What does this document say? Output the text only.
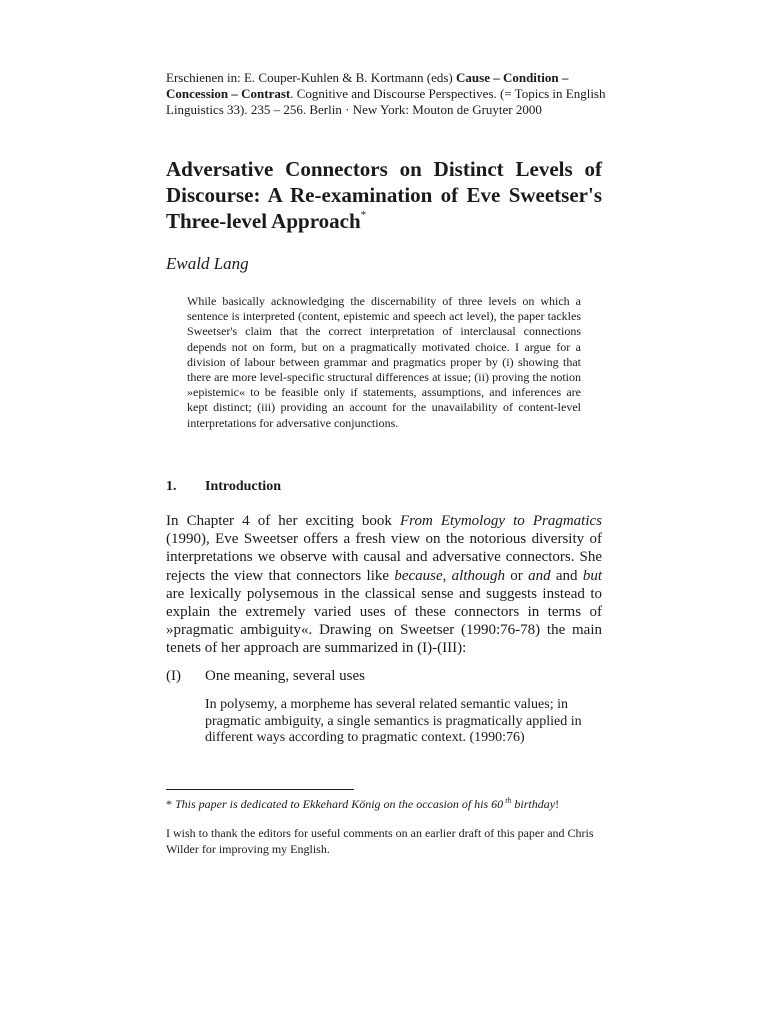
Erschienen in: E. Couper-Kuhlen & B. Kortmann (eds) Cause – Condition – Concession – Contrast. Cognitive and Discourse Perspectives. (= Topics in English Linguistics 33). 235 – 256. Berlin · New York: Mouton de Gruyter 2000
Adversative Connectors on Distinct Levels of Discourse: A Re-examination of Eve Sweetser's Three-level Approach*
Ewald Lang
While basically acknowledging the discernability of three levels on which a sentence is interpreted (content, epistemic and speech act level), the paper tackles Sweetser's claim that the correct interpretation of interclausal connections depends not on form, but on a pragmatically motivated choice. I argue for a division of labour between grammar and pragmatics proper by (i) showing that there are more level-specific structural differences at issue; (ii) proving the notion »epistemic« to be feasible only if statements, assumptions, and inferences are kept distinct; (iii) providing an account for the unavailability of content-level interpretations for adversative conjunctions.
1. Introduction
In Chapter 4 of her exciting book From Etymology to Pragmatics (1990), Eve Sweetser offers a fresh view on the notorious diversity of interpretations we observe with causal and adversative connectors. She rejects the view that connectors like because, although or and and but are lexically polysemous in the classical sense and suggests instead to explain the extremely varied uses of these connectors in terms of »pragmatic ambiguity«. Drawing on Sweetser (1990:76-78) the main tenets of her approach are summarized in (I)-(III):
(I) One meaning, several uses
In polysemy, a morpheme has several related semantic values; in pragmatic ambiguity, a single semantics is pragmatically applied in different ways according to pragmatic context. (1990:76)
* This paper is dedicated to Ekkehard König on the occasion of his 60 $^{th}$ birthday!
I wish to thank the editors for useful comments on an earlier draft of this paper and Chris Wilder for improving my English.
